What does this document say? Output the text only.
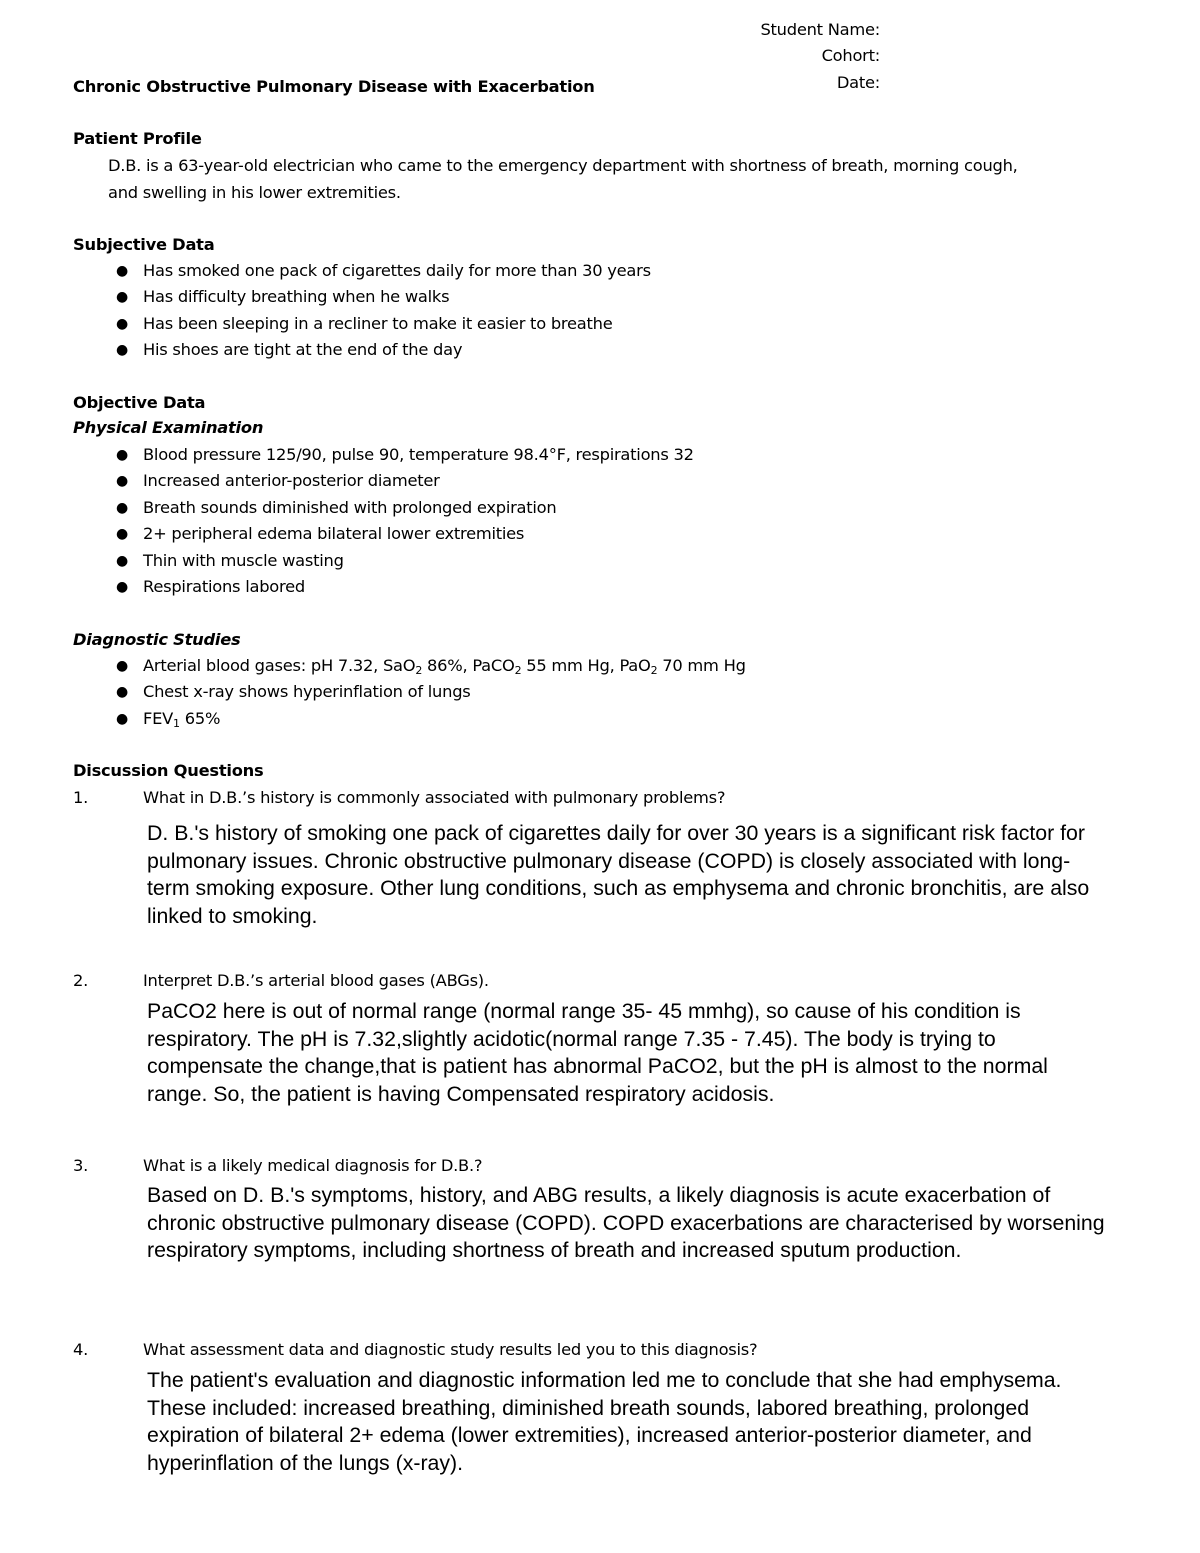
Student Name:
Cohort:
Date:
Chronic Obstructive Pulmonary Disease with Exacerbation
Patient Profile
D.B. is a 63-year-old electrician who came to the emergency department with shortness of breath, morning cough,
and swelling in his lower extremities.
Subjective Data
● Has smoked one pack of cigarettes daily for more than 30 years
● Has difficulty breathing when he walks
● Has been sleeping in a recliner to make it easier to breathe
● His shoes are tight at the end of the day
Objective Data
Physical Examination
● Blood pressure 125/90, pulse 90, temperature 98.4°F, respirations 32
● Increased anterior-posterior diameter
● Breath sounds diminished with prolonged expiration
● 2+ peripheral edema bilateral lower extremities
● Thin with muscle wasting
● Respirations labored
Diagnostic Studies
● Arterial blood gases: pH 7.32, SaO$_2$ 86%, PaCO$_2$ 55 mm Hg, PaO$_2$ 70 mm Hg
● Chest x-ray shows hyperinflation of lungs
● $FEV_1$ 65%
Discussion Questions
1.	What in D.B.’s history is commonly associated with pulmonary problems?
D. B.'s history of smoking one pack of cigarettes daily for over 30 years is a significant risk factor for pulmonary issues. Chronic obstructive pulmonary disease (COPD) is closely associated with long-term smoking exposure. Other lung conditions, such as emphysema and chronic bronchitis, are also linked to smoking.
2.	Interpret D.B.’s arterial blood gases (ABGs).
PaCO2 here is out of normal range (normal range 35- 45 mmhg), so cause of his condition is respiratory. The pH is 7.32,slightly acidotic(normal range 7.35 - 7.45). The body is trying to compensate the change,that is patient has abnormal PaCO2, but the pH is almost to the normal range. So, the patient is having Compensated respiratory acidosis.
3.	What is a likely medical diagnosis for D.B.?
Based on D. B.'s symptoms, history, and ABG results, a likely diagnosis is acute exacerbation of chronic obstructive pulmonary disease (COPD). COPD exacerbations are characterised by worsening respiratory symptoms, including shortness of breath and increased sputum production.
4.	What assessment data and diagnostic study results led you to this diagnosis?
The patient's evaluation and diagnostic information led me to conclude that she had emphysema. These included: increased breathing, diminished breath sounds, labored breathing, prolonged expiration of bilateral 2+ edema (lower extremities), increased anterior-posterior diameter, and hyperinflation of the lungs (x-ray).
